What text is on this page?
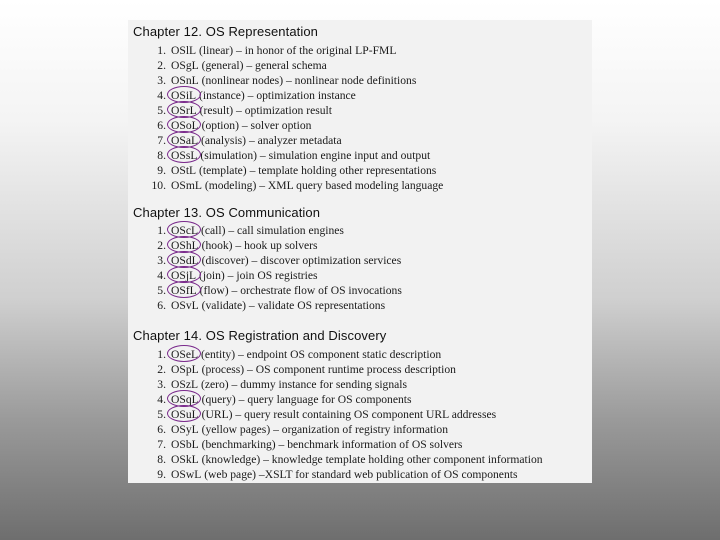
Chapter 12. OS Representation
1. OSlL (linear) – in honor of the original LP-FML
2. OSgL (general) – general schema
3. OSnL (nonlinear nodes) – nonlinear node definitions
4. OSiL (instance) – optimization instance
5. OSrL (result) – optimization result
6. OSoL (option) – solver option
7. OSaL (analysis) – analyzer metadata
8. OSsL (simulation) – simulation engine input and output
9. OStL (template) – template holding other representations
10. OSmL (modeling) – XML query based modeling language
Chapter 13. OS Communication
1. OScL (call) – call simulation engines
2. OShL (hook) – hook up solvers
3. OSdL (discover) – discover optimization services
4. OSjL (join) – join OS registries
5. OSfL (flow) – orchestrate flow of OS invocations
6. OSvL (validate) – validate OS representations
Chapter 14. OS Registration and Discovery
1. OSeL (entity) – endpoint OS component static description
2. OSpL (process) – OS component runtime process description
3. OSzL (zero) – dummy instance for sending signals
4. OSqL (query) – query language for OS components
5. OSuL (URL) – query result containing OS component URL addresses
6. OSyL (yellow pages) – organization of registry information
7. OSbL (benchmarking) – benchmark information of OS solvers
8. OSkL (knowledge) – knowledge template holding other component information
9. OSwL (web page) –XSLT for standard web publication of OS components
